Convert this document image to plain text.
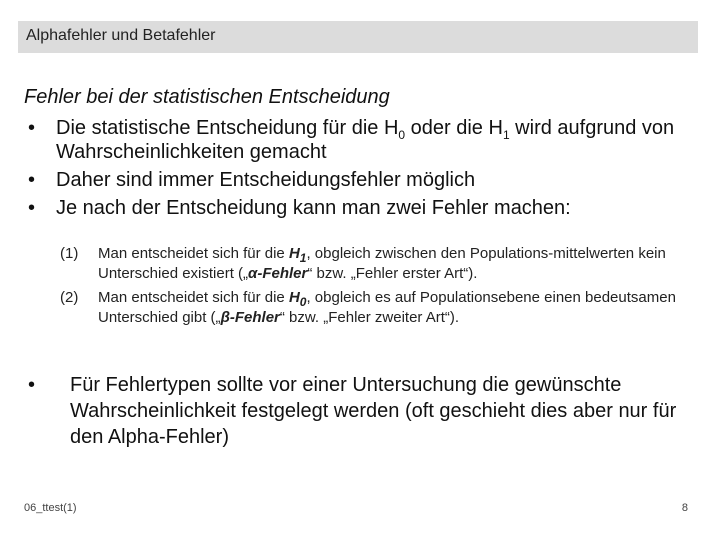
Alphafehler und Betafehler
Fehler bei der statistischen Entscheidung
•	Die statistische Entscheidung für die $H_0$ oder die $H_1$ wird aufgrund von Wahrscheinlichkeiten gemacht
•	Daher sind immer Entscheidungsfehler möglich
•	Je nach der Entscheidung kann man zwei Fehler machen:
(1)	Man entscheidet sich für die $H_1$, obgleich zwischen den Populations-mittelwerten kein Unterschied existiert („α-Fehler“ bzw. „Fehler erster Art“).
(2)	Man entscheidet sich für die $H_0$, obgleich es auf Populationsebene einen bedeutsamen Unterschied gibt („β-Fehler“ bzw. „Fehler zweiter Art“).
•	Für Fehlertypen sollte vor einer Untersuchung die gewünschte Wahrscheinlichkeit festgelegt werden (oft geschieht dies aber nur für den Alpha-Fehler)
06_ttest(1)	8
